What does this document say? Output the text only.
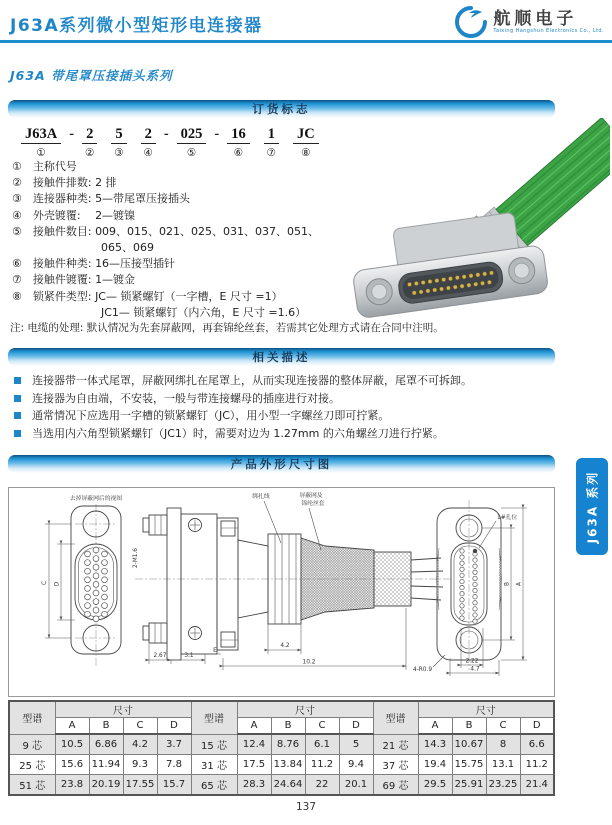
J63A系列微小型矩形电连接器	航顺电子
Taixing Hangshun Electronics Co., Ltd.
J63A 带尾罩压接插头系列
订货标志
相关描述
产品外形尺寸图
J63A
①
- 2
②
5
③
2
④
- 025
⑤
- 16
⑥
1
⑦
JC
⑧
①　主称代号
②　接触件排数: 2 排
③　连接器种类: 5—带尾罩压接插头
④　外壳镀覆:　 2—镀镍
⑤　接触件数目: 009、015、021、025、031、037、051、
065、069
⑥　接触件种类: 16—压接型插针
⑦　接触件镀覆: 1—镀金
⑧　锁紧件类型: JC— 锁紧螺钉（一字槽，E 尺寸 =1）
JC1— 锁紧螺钉（内六角，E 尺寸 =1.6）
注: 电缆的处理: 默认情况为先套屏蔽网，再套锦纶丝套，若需其它处理方式请在合同中注明。
连接器带一体式尾罩，屏蔽网绑扎在尾罩上，从而实现连接器的整体屏蔽，尾罩不可拆卸。
连接器为自由端，不安装，一般与带连接螺母的插座进行对接。
通常情况下应选用一字槽的锁紧螺钉（JC），用小型一字螺丝刀即可拧紧。
当选用内六角型锁紧螺钉（JC1）时，需要对边为 1.27mm 的六角螺丝刀进行拧紧。
去掉屏蔽网后的视图
C D
2-M1.6
绑扎线	屏蔽网及
锦纶丝套
2.67	3.1
E
10.2
4.2
1#孔位
4-R0.9
2.22
4.7
B A
J63A 系列
型谱	尺寸				型谱	尺寸				型谱	尺寸			
	A	B	C	D		A	B	C	D		A	B	C	D
9 芯	10.5	6.86	4.2	3.7	15 芯	12.4	8.76	6.1	5	21 芯	14.3	10.67	8	6.6
25 芯	15.6	11.94	9.3	7.8	31 芯	17.5	13.84	11.2	9.4	37 芯	19.4	15.75	13.1	11.2
51 芯	23.8	20.19	17.55	15.7	65 芯	28.3	24.64	22	20.1	69 芯	29.5	25.91	23.25	21.4
137
